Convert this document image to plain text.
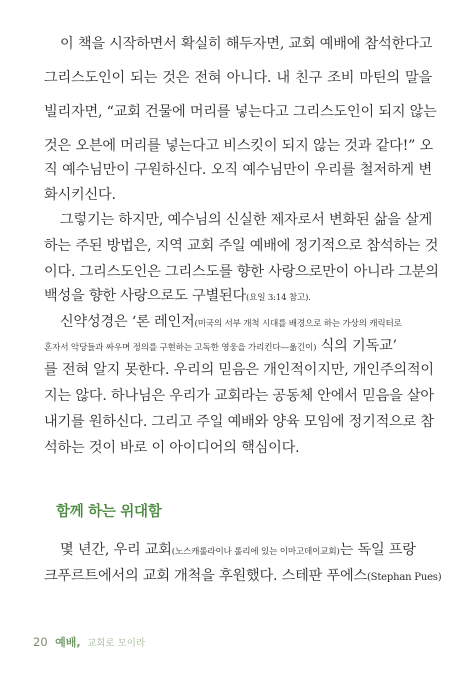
이 책을 시작하면서 확실히 해두자면, 교회 예배에 참석한다고
그리스도인이 되는 것은 전혀 아니다. 내 친구 조비 마틴의 말을
빌리자면, “교회 건물에 머리를 넣는다고 그리스도인이 되지 않는
것은 오븐에 머리를 넣는다고 비스킷이 되지 않는 것과 같다!” 오
직 예수님만이 구원하신다. 오직 예수님만이 우리를 철저하게 변
화시키신다.
그렇기는 하지만, 예수님의 신실한 제자로서 변화된 삶을 살게
하는 주된 방법은, 지역 교회 주일 예배에 정기적으로 참석하는 것
이다. 그리스도인은 그리스도를 향한 사랑으로만이 아니라 그분의
백성을 향한 사랑으로도 구별된다(요일 3:14 참고).
신약성경은 ‘론 레인저(미국의 서부 개척 시대를 배경으로 하는 가상의 캐릭터로
혼자서 악당들과 싸우며 정의를 구현하는 고독한 영웅을 가리킨다—옮긴이) 식의 기독교’
를 전혀 알지 못한다. 우리의 믿음은 개인적이지만, 개인주의적이
지는 않다. 하나님은 우리가 교회라는 공동체 안에서 믿음을 살아
내기를 원하신다. 그리고 주일 예배와 양육 모임에 정기적으로 참
석하는 것이 바로 이 아이디어의 핵심이다.
함께 하는 위대함
몇 년간, 우리 교회(노스캐롤라이나 롤리에 있는 이마고데이교회)는 독일 프랑
크푸르트에서의 교회 개척을 후원했다. 스테판 푸에스(Stephan Pues)
20 예배, 교회로 모이라
